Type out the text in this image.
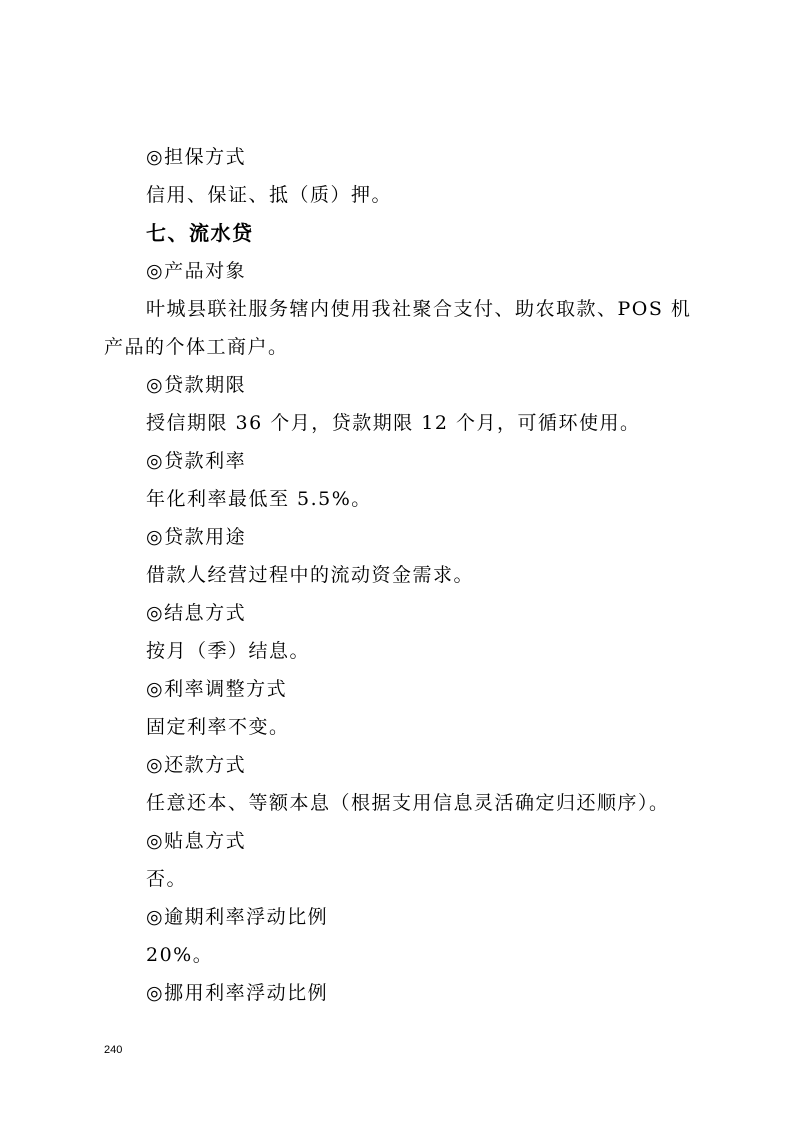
◎担保方式
信用、保证、抵（质）押。
七、流水贷
◎产品对象
叶城县联社服务辖内使用我社聚合支付、助农取款、POS 机
产品的个体工商户。
◎贷款期限
授信期限 36 个月，贷款期限 12 个月，可循环使用。
◎贷款利率
年化利率最低至 5.5%。
◎贷款用途
借款人经营过程中的流动资金需求。
◎结息方式
按月（季）结息。
◎利率调整方式
固定利率不变。
◎还款方式
任意还本、等额本息（根据支用信息灵活确定归还顺序）。
◎贴息方式
否。
◎逾期利率浮动比例
20%。
◎挪用利率浮动比例
240
